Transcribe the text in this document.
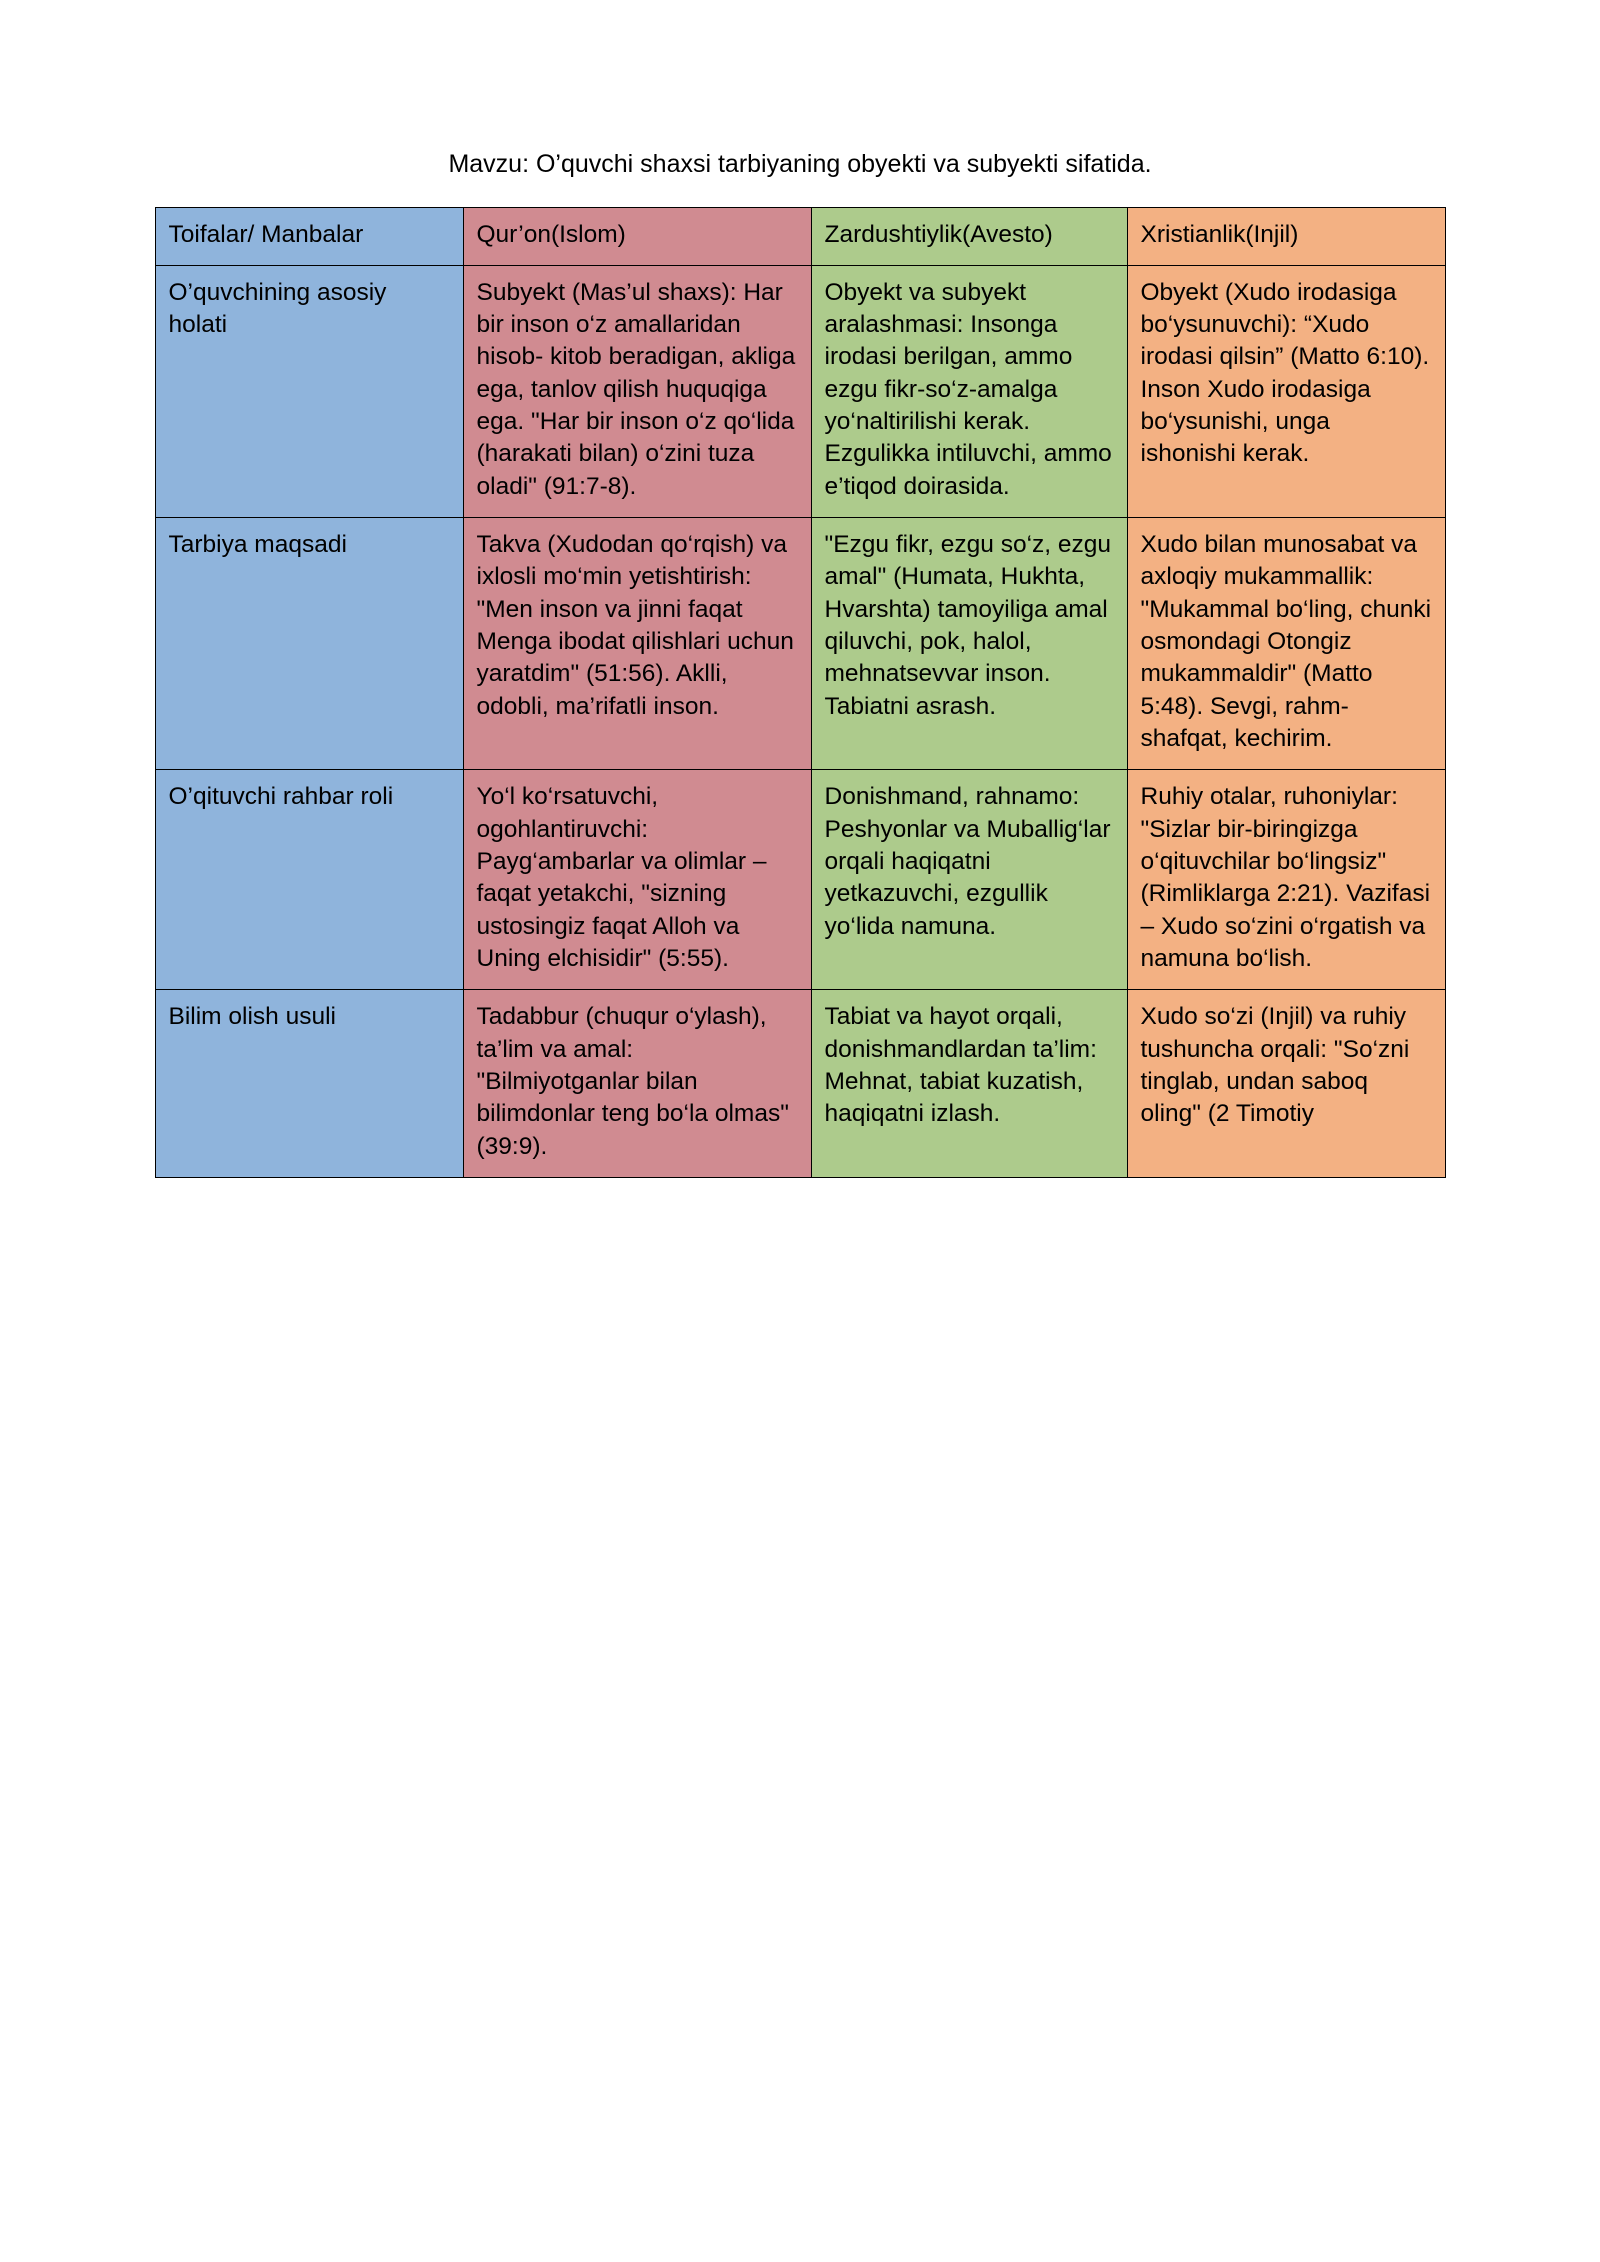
Mavzu: O’quvchi shaxsi tarbiyaning obyekti va subyekti sifatida.
Toifalar/ Manbalar	Qur’on(Islom)	Zardushtiylik(Avesto)	Xristianlik(Injil)
O’quvchining asosiy holati	Subyekt (Mas’ul shaxs): Har bir inson o‘z amallaridan hisob- kitob beradigan, akliga ega, tanlov qilish huquqiga ega. "Har bir inson o‘z qo‘lida (harakati bilan) o‘zini tuza oladi" (91:7-8).	Obyekt va subyekt aralashmasi: Insonga irodasi berilgan, ammo ezgu fikr-so‘z-amalga yo‘naltirilishi kerak. Ezgulikka intiluvchi, ammo e’tiqod doirasida.	Obyekt (Xudo irodasiga bo‘ysunuvchi): “Xudo irodasi qilsin” (Matto 6:10). Inson Xudo irodasiga bo‘ysunishi, unga ishonishi kerak.
Tarbiya maqsadi	Takva (Xudodan qo‘rqish) va ixlosli mo‘min yetishtirish: "Men inson va jinni faqat Menga ibodat qilishlari uchun yaratdim" (51:56). Aklli, odobli, ma’rifatli inson.	"Ezgu fikr, ezgu so‘z, ezgu amal" (Humata, Hukhta, Hvarshta) tamoyiliga amal qiluvchi, pok, halol, mehnatsevvar inson. Tabiatni asrash.	Xudo bilan munosabat va axloqiy mukammallik: "Mukammal bo‘ling, chunki osmondagi Otongiz mukammaldir" (Matto 5:48). Sevgi, rahm-shafqat, kechirim.
O’qituvchi rahbar roli	Yo‘l ko‘rsatuvchi, ogohlantiruvchi: Payg‘ambarlar va olimlar – faqat yetakchi, "sizning ustosingiz faqat Alloh va Uning elchisidir" (5:55).	Donishmand, rahnamo: Peshyonlar va Muballig‘lar orqali haqiqatni yetkazuvchi, ezgullik yo‘lida namuna.	Ruhiy otalar, ruhoniylar: "Sizlar bir-biringizga o‘qituvchilar bo‘lingsiz" (Rimliklarga 2:21). Vazifasi – Xudo so‘zini o‘rgatish va namuna bo‘lish.
Bilim olish usuli	Tadabbur (chuqur o‘ylash), ta’lim va amal: "Bilmiyotganlar bilan bilimdonlar teng bo‘la olmas" (39:9).	Tabiat va hayot orqali, donishmandlardan ta’lim: Mehnat, tabiat kuzatish, haqiqatni izlash.	Xudo so‘zi (Injil) va ruhiy tushuncha orqali: "So‘zni tinglab, undan saboq oling" (2 Timotiy
